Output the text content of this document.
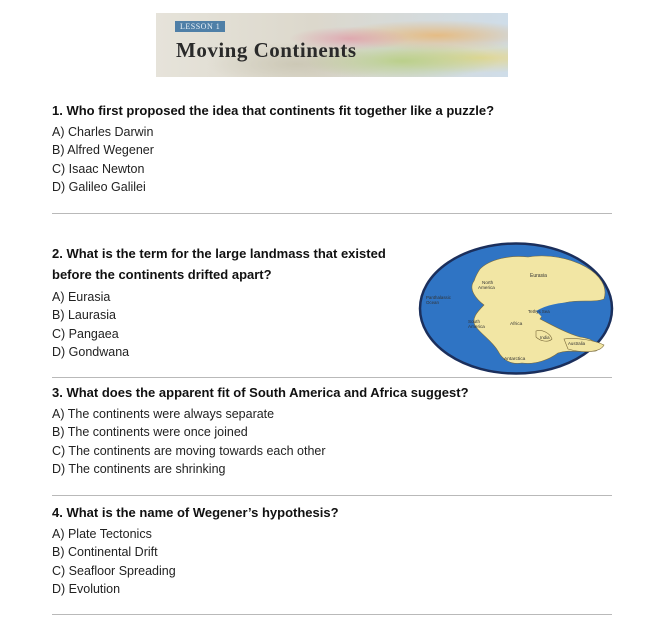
LESSON 1
Moving Continents
1. Who first proposed the idea that continents fit together like a puzzle?
A) Charles Darwin
B) Alfred Wegener
C) Isaac Newton
D) Galileo Galilei
2. What is the term for the large landmass that existed
before the continents drifted apart?
A) Eurasia
B) Laurasia
C) Pangaea
D) Gondwana
Eurasia
North
America
Panthalassic
Ocean
Tethys Sea
South
America	Africa
India
Australia
Antarctica
3. What does the apparent fit of South America and Africa suggest?
A) The continents were always separate
B) The continents were once joined
C) The continents are moving towards each other
D) The continents are shrinking
4. What is the name of Wegener’s hypothesis?
A) Plate Tectonics
B) Continental Drift
C) Seafloor Spreading
D) Evolution
